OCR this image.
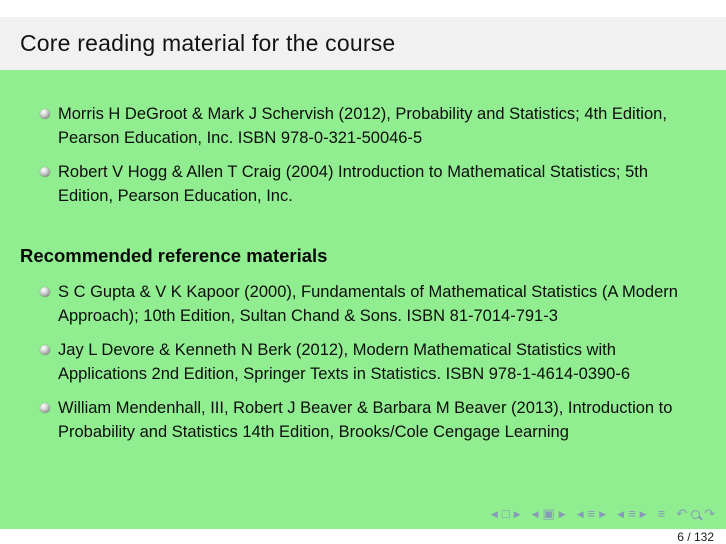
Core reading material for the course
Morris H DeGroot & Mark J Schervish (2012), Probability and Statistics; 4th Edition, Pearson Education, Inc. ISBN 978-0-321-50046-5
Robert V Hogg & Allen T Craig (2004) Introduction to Mathematical Statistics; 5th Edition, Pearson Education, Inc.
Recommended reference materials
S C Gupta & V K Kapoor (2000), Fundamentals of Mathematical Statistics (A Modern Approach); 10th Edition, Sultan Chand & Sons. ISBN 81-7014-791-3
Jay L Devore & Kenneth N Berk (2012), Modern Mathematical Statistics with Applications 2nd Edition, Springer Texts in Statistics. ISBN 978-1-4614-0390-6
William Mendenhall, III, Robert J Beaver & Barbara M Beaver (2013), Introduction to Probability and Statistics 14th Edition, Brooks/Cole Cengage Learning
◀ □ ▶ ◀ ▣ ▶ ◀ ≡ ▶ ◀ ≡ ▶ ≡ ↶ ↷
6 / 132
